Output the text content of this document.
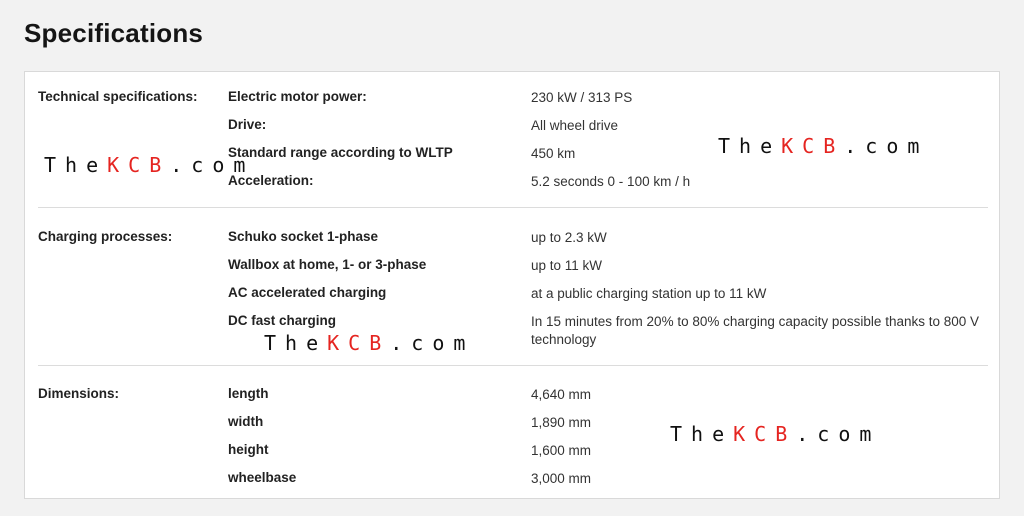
Specifications
Technical specifications: Electric motor power:	230 kW / 313 PS
Drive:	All wheel drive
Standard range according to WLTP	450 km
Acceleration:	5.2 seconds 0 - 100 km / h
Charging processes:	Schuko socket 1-phase	up to 2.3 kW
Wallbox at home, 1- or 3-phase	up to 11 kW
AC accelerated charging	at a public charging station up to 11 kW
DC fast charging	In 15 minutes from 20% to 80% charging capacity possible thanks to 800 V technology
Dimensions:	length	4,640 mm
width	1,890 mm
height	1,600 mm
wheelbase	3,000 mm
TheKCB.com
TheKCB.com
TheKCB.com
TheKCB.com
